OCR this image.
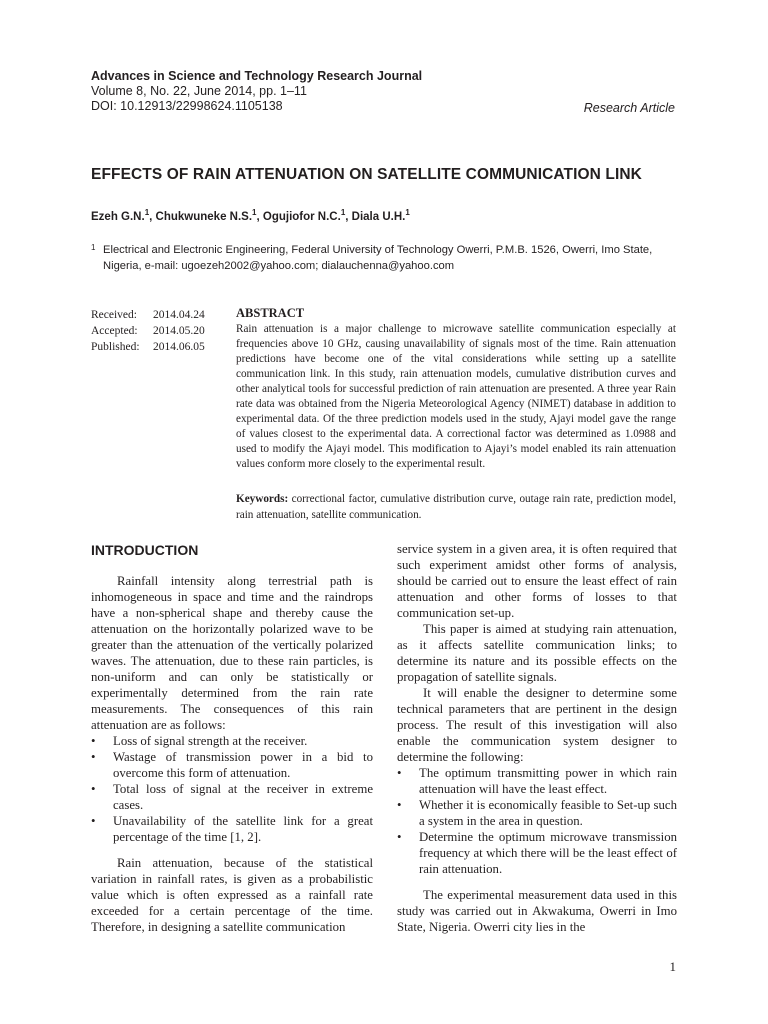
Advances in Science and Technology Research Journal
Volume 8, No. 22, June 2014, pp. 1–11
DOI: 10.12913/22998624.1105138	Research Article
EFFECTS OF RAIN ATTENUATION ON SATELLITE COMMUNICATION LINK
Ezeh G.N.$^1$, Chukwuneke N.S.$^1$, Ogujiofor N.C.$^1$, Diala U.H.$^1$
1 Electrical and Electronic Engineering, Federal University of Technology Owerri, P.M.B. 1526, Owerri, Imo State, Nigeria, e-mail: ugoezeh2002@yahoo.com; dialauchenna@yahoo.com
Received:	2014.04.24
Accepted:	2014.05.20
Published:	2014.06.05
ABSTRACT
Rain attenuation is a major challenge to microwave satellite communication especially at frequencies above 10 GHz, causing unavailability of signals most of the time. Rain attenuation predictions have become one of the vital considerations while setting up a satellite communication link. In this study, rain attenuation models, cumulative distribution curves and other analytical tools for successful prediction of rain attenuation are presented. A three year Rain rate data was obtained from the Nigeria Meteorological Agency (NIMET) database in addition to experimental data. Of the three prediction models used in the study, Ajayi model gave the range of values closest to the experimental data. A correctional factor was determined as 1.0988 and used to modify the Ajayi model. This modification to Ajayi’s model enabled its rain attenuation values conform more closely to the experimental result.
Keywords: correctional factor, cumulative distribution curve, outage rain rate, prediction model, rain attenuation, satellite communication.
INTRODUCTION

Rainfall intensity along terrestrial path is inhomogeneous in space and time and the raindrops have a non-spherical shape and thereby cause the attenuation on the horizontally polarized wave to be greater than the attenuation of the vertically polarized waves. The attenuation, due to these rain particles, is non-uniform and can only be statistically or experimentally determined from the rain rate measurements. The consequences of this rain attenuation are as follows:

• Loss of signal strength at the receiver.
• Wastage of transmission power in a bid to overcome this form of attenuation.
• Total loss of signal at the receiver in extreme cases.
• Unavailability of the satellite link for a great percentage of the time [1, 2].

Rain attenuation, because of the statistical variation in rainfall rates, is given as a probabilistic value which is often expressed as a rainfall rate exceeded for a certain percentage of the time. Therefore, in designing a satellite communication

service system in a given area, it is often required that such experiment amidst other forms of analysis, should be carried out to ensure the least effect of rain attenuation and other forms of losses to that communication set-up.

This paper is aimed at studying rain attenuation, as it affects satellite communication links; to determine its nature and its possible effects on the propagation of satellite signals.

It will enable the designer to determine some technical parameters that are pertinent in the design process. The result of this investigation will also enable the communication system designer to determine the following:

• The optimum transmitting power in which rain attenuation will have the least effect.
• Whether it is economically feasible to Set-up such a system in the area in question.
• Determine the optimum microwave transmission frequency at which there will be the least effect of rain attenuation.

The experimental measurement data used in this study was carried out in Akwakuma, Owerri in Imo State, Nigeria. Owerri city lies in the

1
